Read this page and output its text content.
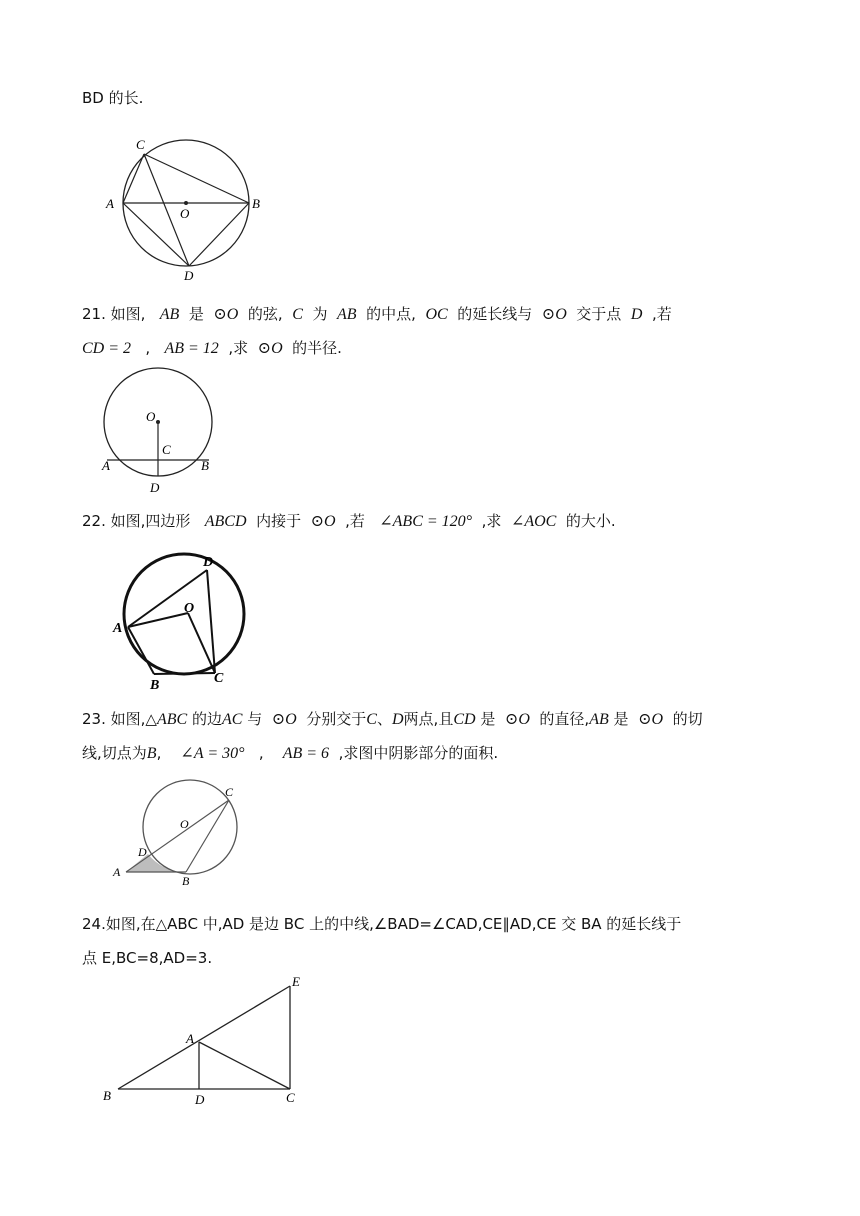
BD 的长.
C
A	B
O
D
21. 如图, AB 是 ⊙O 的弦, C 为 AB 的中点, OC 的延长线与 ⊙O 交于点 D ,若
CD = 2 , AB = 12 ,求 ⊙O 的半径.
O
C
A	B
D
22. 如图,四边形 ABCD 内接于 ⊙O ,若 ∠ABC = 120° ,求 ∠AOC 的大小.
D
O
A
B	C
23. 如图,△ABC 的边AC 与 ⊙O 分别交于C、D两点,且CD 是 ⊙O 的直径,AB 是 ⊙O 的切
线,切点为B, ∠A = 30° , AB = 6 ,求图中阴影部分的面积.
O
C
D
A
B
24.如图,在△ABC 中,AD 是边 BC 上的中线,∠BAD=∠CAD,CE∥AD,CE 交 BA 的延长线于
点 E,BC=8,AD=3.
E
A
B	D	C
